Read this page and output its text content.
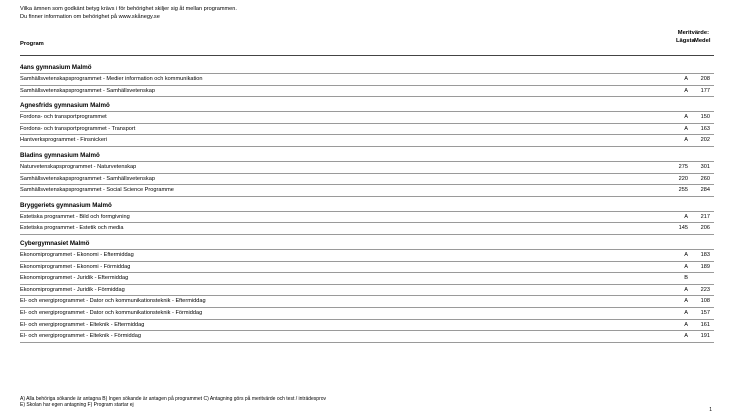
Vilka ämnen som godkänt betyg krävs i för behörighet skiljer sig åt mellan programmen.
Du finner information om behörighet på www.skånegy.se
Program
Meritvärde:
Lägsta Medel
4ans gymnasium Malmö
Samhällsvetenskapsprogrammet - Medier information och kommunikation	A	208
Samhällsvetenskapsprogrammet - Samhällsvetenskap	A	177
Agnesfrids gymnasium Malmö
Fordons- och transportprogrammet	A	150
Fordons- och transportprogrammet - Transport	A	163
Hantverksprogrammet - Finsnickeri	A	202
Bladins gymnasium Malmö
Naturvetenskapsprogrammet - Naturvetenskap	275	301
Samhällsvetenskapsprogrammet - Samhällsvetenskap	220	260
Samhällsvetenskapsprogrammet - Social Science Programme	255	284
Bryggeriets gymnasium Malmö
Estetiska programmet - Bild och formgivning	A	217
Estetiska programmet - Estetik och media	145	206
Cybergymnasiet Malmö
Ekonomiprogrammet - Ekonomi - Eftermiddag	A	183
Ekonomiprogrammet - Ekonomi - Förmiddag	A	189
Ekonomiprogrammet - Juridik - Eftermiddag	B
Ekonomiprogrammet - Juridik - Förmiddag	A	223
El- och energiprogrammet - Dator och kommunikationsteknik - Eftermiddag	A	108
El- och energiprogrammet - Dator och kommunikationsteknik - Förmiddag	A	157
El- och energiprogrammet - Elteknik - Eftermiddag	A	161
El- och energiprogrammet - Elteknik - Förmiddag	A	191
A) Alla behöriga sökande är antagna B) Ingen sökande är antagen på programmet C) Antagning görs på meritvärde och test / inträdesprov
E) Skolan har egen antagning F) Program startar ej
1
